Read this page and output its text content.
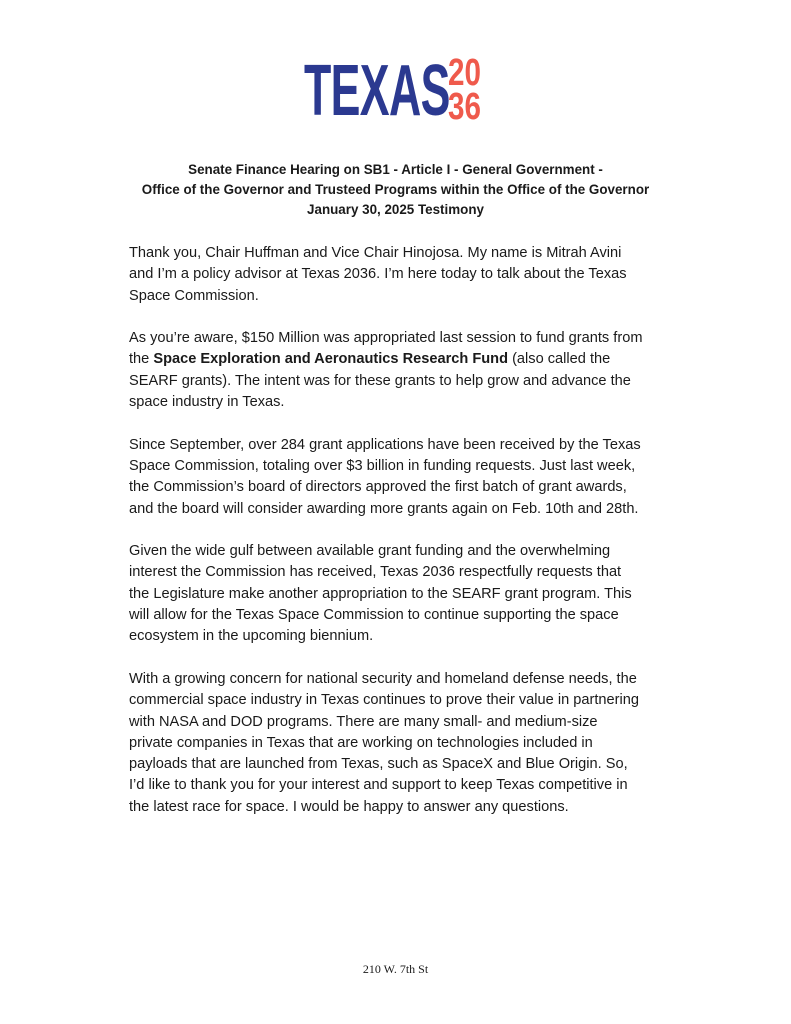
TEXAS
20
36
Senate Finance Hearing on SB1 - Article I - General Government -
Office of the Governor and Trusteed Programs within the Office of the Governor
January 30, 2025 Testimony

Thank you, Chair Huffman and Vice Chair Hinojosa. My name is Mitrah Avini
and I’m a policy advisor at Texas 2036. I’m here today to talk about the Texas
Space Commission.

As you’re aware, $150 Million was appropriated last session to fund grants from
the Space Exploration and Aeronautics Research Fund (also called the
SEARF grants). The intent was for these grants to help grow and advance the
space industry in Texas.

Since September, over 284 grant applications have been received by the Texas
Space Commission, totaling over $3 billion in funding requests. Just last week,
the Commission’s board of directors approved the first batch of grant awards,
and the board will consider awarding more grants again on Feb. 10th and 28th.

Given the wide gulf between available grant funding and the overwhelming
interest the Commission has received, Texas 2036 respectfully requests that
the Legislature make another appropriation to the SEARF grant program. This
will allow for the Texas Space Commission to continue supporting the space
ecosystem in the upcoming biennium.

With a growing concern for national security and homeland defense needs, the
commercial space industry in Texas continues to prove their value in partnering
with NASA and DOD programs. There are many small- and medium-size
private companies in Texas that are working on technologies included in
payloads that are launched from Texas, such as SpaceX and Blue Origin. So,
I’d like to thank you for your interest and support to keep Texas competitive in
the latest race for space. I would be happy to answer any questions.

210 W. 7th St
